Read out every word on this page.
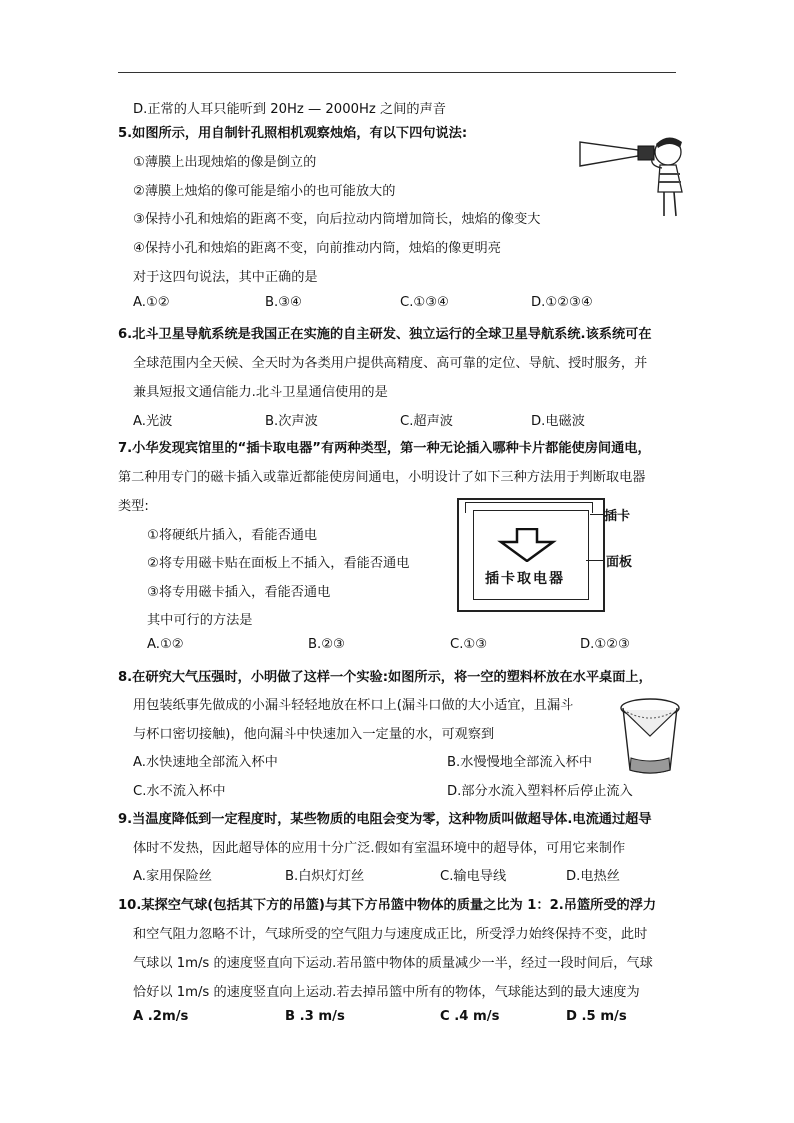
D.正常的人耳只能听到 20Hz — 2000Hz 之间的声音
5.如图所示，用自制针孔照相机观察烛焰，有以下四句说法:
①薄膜上出现烛焰的像是倒立的
②薄膜上烛焰的像可能是缩小的也可能放大的
③保持小孔和烛焰的距离不变，向后拉动内筒增加筒长，烛焰的像变大
④保持小孔和烛焰的距离不变，向前推动内筒，烛焰的像更明亮
对于这四句说法，其中正确的是
A.①②	B.③④	C.①③④	D.①②③④
6.北斗卫星导航系统是我国正在实施的自主研发、独立运行的全球卫星导航系统.该系统可在
全球范围内全天候、全天时为各类用户提供高精度、高可靠的定位、导航、授时服务，并
兼具短报文通信能力.北斗卫星通信使用的是
A.光波	B.次声波	C.超声波	D.电磁波
7.小华发现宾馆里的“插卡取电器”有两种类型，第一种无论插入哪种卡片都能使房间通电，
第二种用专门的磁卡插入或靠近都能使房间通电，小明设计了如下三种方法用于判断取电器
类型:
①将硬纸片插入，看能否通电
②将专用磁卡贴在面板上不插入，看能否通电
③将专用磁卡插入，看能否通电
其中可行的方法是
A.①②	B.②③	C.①③	D.①②③
插卡取电器
插卡
面板
8.在研究大气压强时，小明做了这样一个实验:如图所示，将一空的塑料杯放在水平桌面上，
用包装纸事先做成的小漏斗轻轻地放在杯口上(漏斗口做的大小适宜，且漏斗
与杯口密切接触)，他向漏斗中快速加入一定量的水，可观察到
A.水快速地全部流入杯中	B.水慢慢地全部流入杯中
C.水不流入杯中	D.部分水流入塑料杯后停止流入
9.当温度降低到一定程度时，某些物质的电阻会变为零，这种物质叫做超导体.电流通过超导
体时不发热，因此超导体的应用十分广泛.假如有室温环境中的超导体，可用它来制作
A.家用保险丝	B.白炽灯灯丝	C.输电导线	D.电热丝
10.某探空气球(包括其下方的吊篮)与其下方吊篮中物体的质量之比为 1：2.吊篮所受的浮力
和空气阻力忽略不计，气球所受的空气阻力与速度成正比，所受浮力始终保持不变，此时
气球以 1m/s 的速度竖直向下运动.若吊篮中物体的质量减少一半，经过一段时间后，气球
恰好以 1m/s 的速度竖直向上运动.若去掉吊篮中所有的物体，气球能达到的最大速度为
A .2m/s	B .3 m/s	C .4 m/s	D .5 m/s
